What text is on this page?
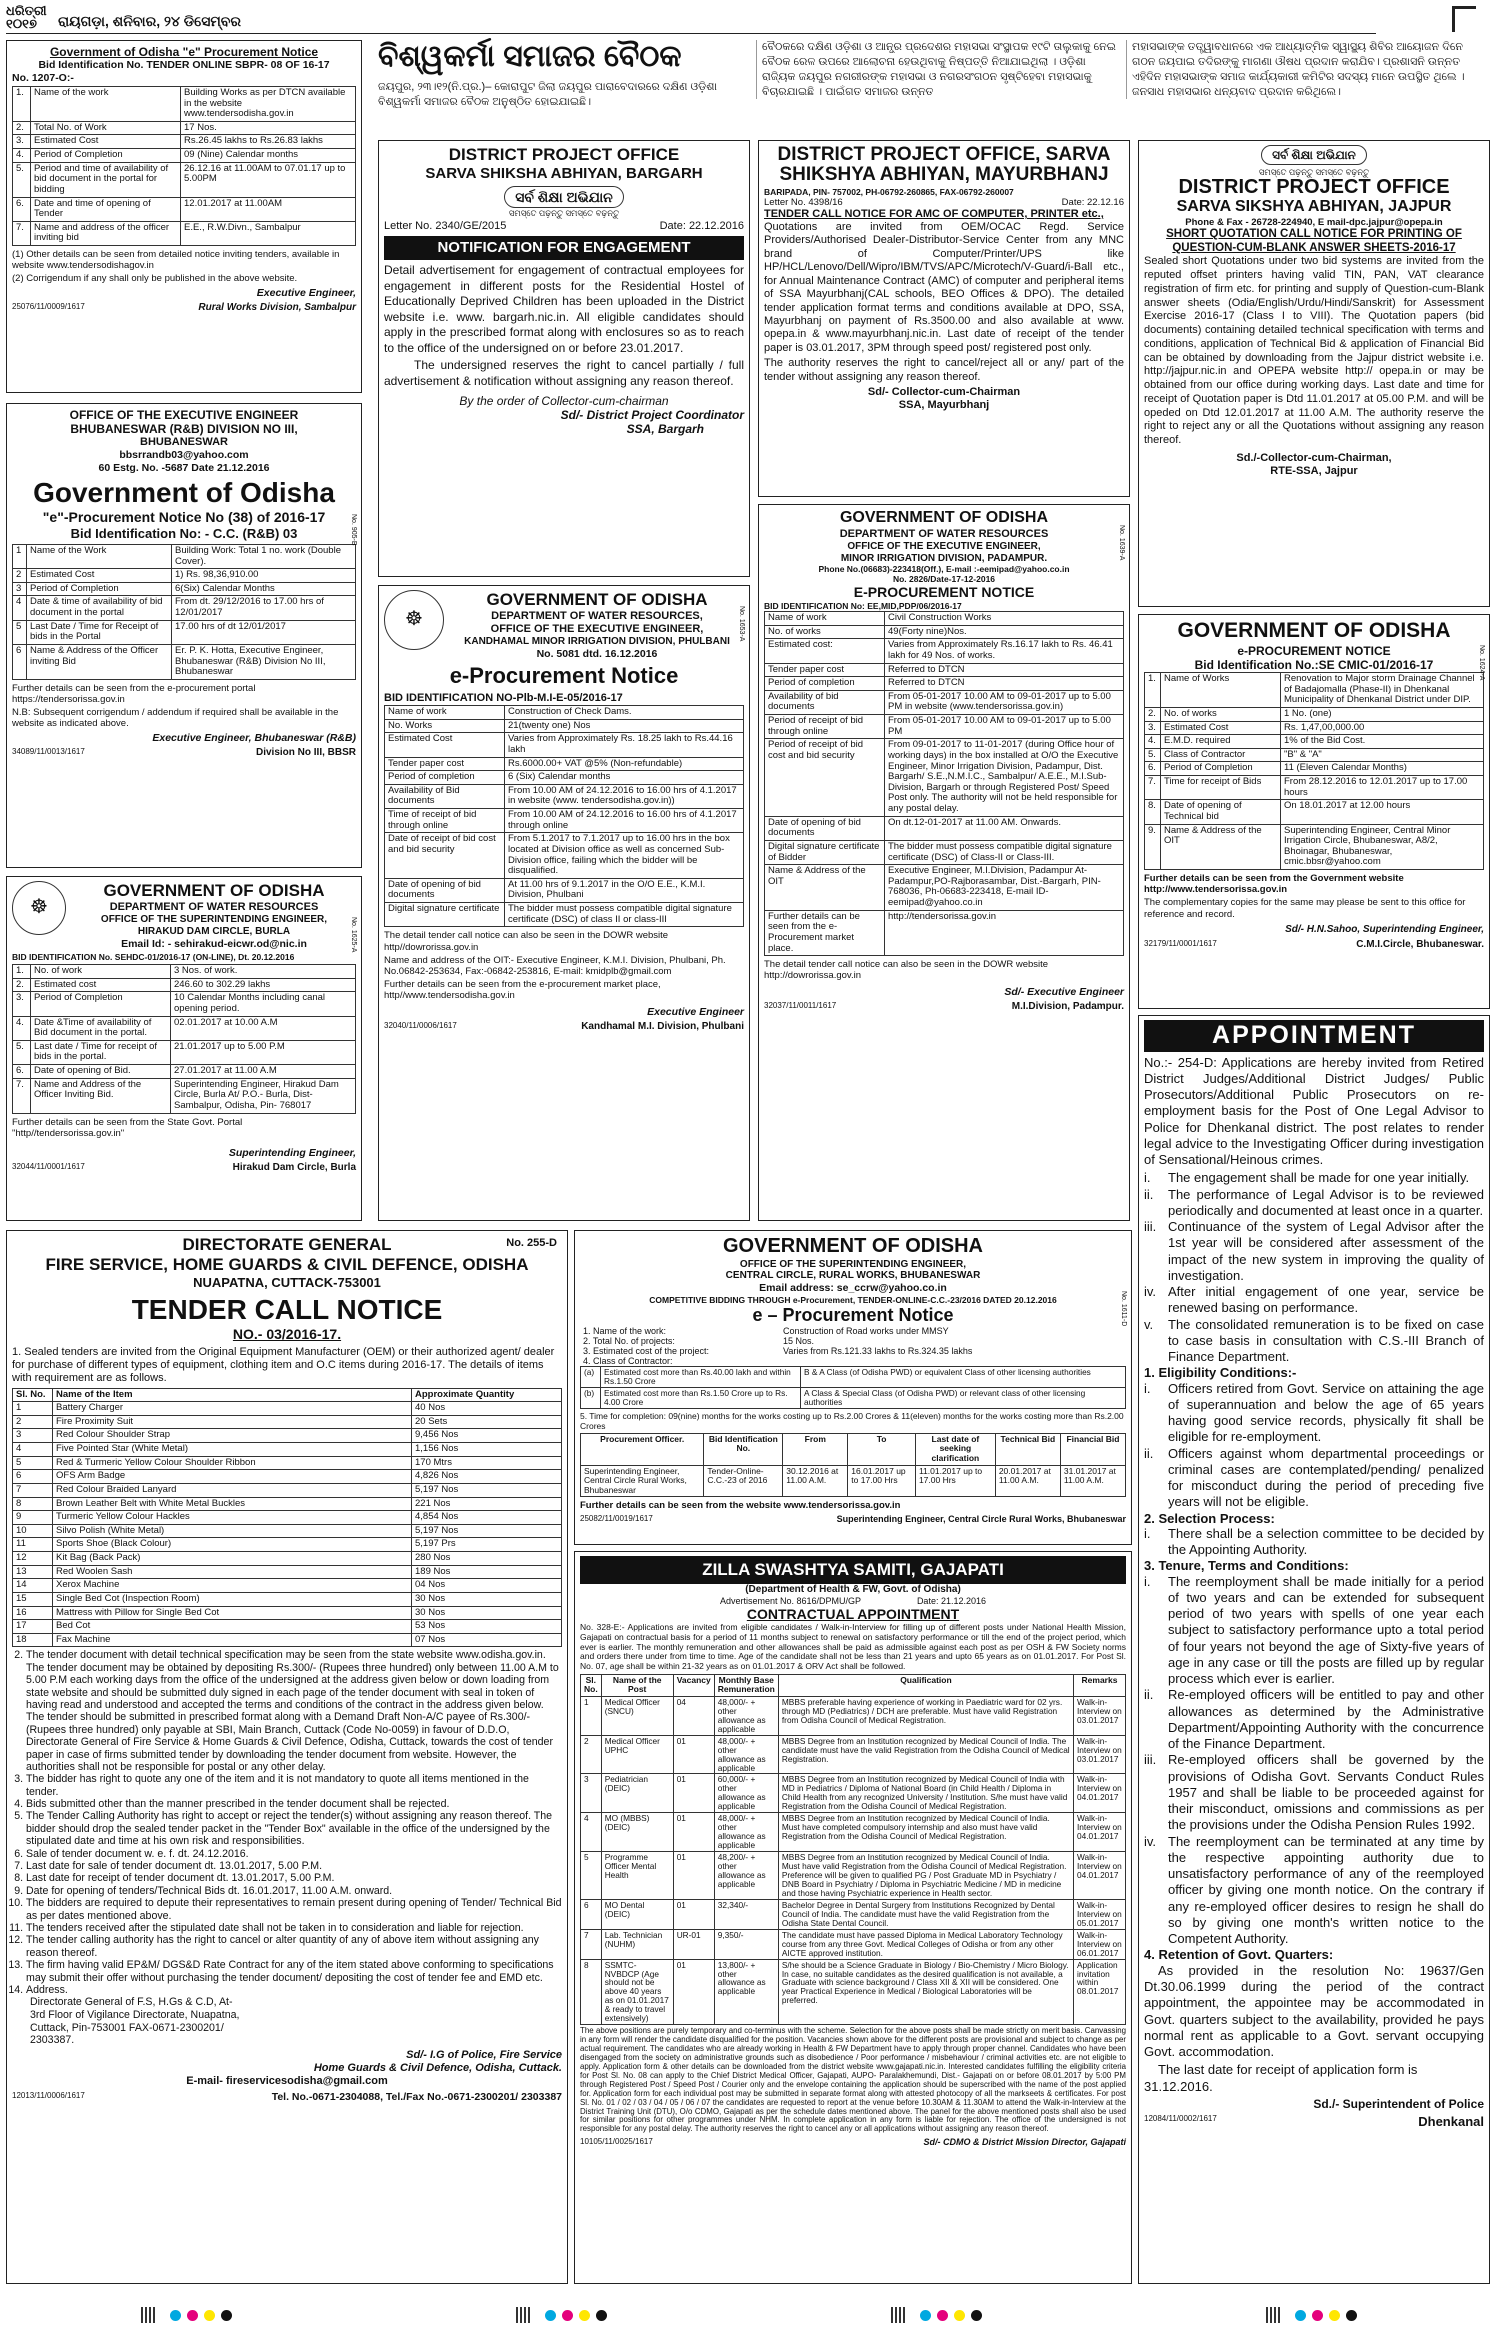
ଧରିତ୍ରୀ
୧୦୧୭	ରାୟଗଡ଼ା, ଶନିବାର, ୨୪ ଡିସେମ୍ବର
Government of Odisha "e" Procurement Notice
Bid Identification No. TENDER ONLINE SBPR- 08 OF 16-17
No. 1207-O:-
1.	Name of the work	Building Works as per DTCN available in the website www.tendersodisha.gov.in
2.	Total No. of Work	17 Nos.
3.	Estimated Cost	Rs.26.45 lakhs to Rs.26.83 lakhs
4.	Period of Completion	09 (Nine) Calendar months
5.	Period and time of availability of bid document in the portal for bidding	26.12.16 at 11.00AM to 07.01.17 up to 5.00PM
6.	Date and time of opening of Tender	12.01.2017 at 11.00AM
7.	Name and address of the officer inviting bid	E.E., R.W.Divn., Sambalpur

(1) Other details can be seen from detailed notice inviting tenders, available in website www.tendersodishagov.in

(2) Corrigendum if any shall only be published in the above website.

Executive Engineer,
25076/11/0009/1617	Rural Works Division, Sambalpur
No. 905-B
OFFICE OF THE EXECUTIVE ENGINEER
BHUBANESWAR (R&B) DIVISION NO III,
BHUBANESWAR
bbsrrandb03@yahoo.com
60 Estg. No. -5687 Date 21.12.2016
Government of Odisha
"e"-Procurement Notice No (38) of 2016-17
Bid Identification No: - C.C. (R&B) 03
1	Name of the Work	Building Work: Total 1 no. work (Double Cover).
2	Estimated Cost	1) Rs. 98,36,910.00
3	Period of Completion	6(Six) Calendar Months
4	Date & time of availability of bid document in the portal	From dt. 29/12/2016 to 17.00 hrs of 12/01/2017
5	Last Date / Time for Receipt of bids in the Portal	17.00 hrs of dt 12/01/2017
6	Name & Address of the Officer inviting Bid	Er. P. K. Hotta, Executive Engineer, Bhubaneswar (R&B) Division No III, Bhubaneswar

Further details can be seen from the e-procurement portal https://tendersorissa.gov.in

N.B: Subsequent corrigendum / addendum if required shall be available in the website as indicated above.

Executive Engineer, Bhubaneswar (R&B)
34089/11/0013/1617	Division No III, BBSR
No. 1625-A
☸
GOVERNMENT OF ODISHA
DEPARTMENT OF WATER RESOURCES
OFFICE OF THE SUPERINTENDING ENGINEER,
HIRAKUD DAM CIRCLE, BURLA
Email Id: - sehirakud-eicwr.od@nic.in
BID IDENTIFICATION No. SEHDC-01/2016-17 (ON-LINE), Dt. 20.12.2016
1.	No. of work	3 Nos. of work.
2.	Estimated cost	246.60 to 302.29 lakhs
3.	Period of Completion	10 Calendar Months including canal opening period.
4.	Date &Time of availability of Bid document in the portal.	02.01.2017 at 10.00 A.M
5.	Last date / Time for receipt of bids in the portal.	21.01.2017 up to 5.00 P.M
6.	Date of opening of Bid.	27.01.2017 at 11.00 A.M
7.	Name and Address of the Officer Inviting Bid.	Superintending Engineer, Hirakud Dam Circle, Burla At/ P.O.- Burla, Dist- Sambalpur, Odisha, Pin- 768017

Further details can be seen from the State Govt. Portal "http//tendersorissa.gov.in"

Superintending Engineer,
32044/11/0001/1617	Hirakud Dam Circle, Burla
ବିଶ୍ୱକର୍ମା ସମାଜର ବୈଠକ
ଜୟପୁର, ୨୩।୧୨(ନି.ପ୍ର.)– କୋରାପୁଟ ଜିଲା ଜୟପୁର ପାରାବେଦାରରେ ଦକ୍ଷିଣ ଓଡ଼ିଶା ବିଶ୍ୱକର୍ମା ସମାଜର ବୈଠକ ଅନୁଷ୍ଠିତ ହୋଇଯାଇଛି।
ବୈଠକରେ ଦକ୍ଷିଣ ଓଡ଼ିଶା ଓ ଆନ୍ଧ୍ର ପ୍ରଦେଶର ମହାସଭା ସଂସ୍ଥାପକ ୧୯ଟି ତାଲୁକାକୁ ନେଇ ବୈଠକ ରେଳ ଉପରେ ଆଲୋଚନା ହେଉଥିବାକୁ ନିଷ୍ପତ୍ତି ନିଆଯାଇଥିଲା । ଓଡ଼ିଶା ରାଜ୍ୟିକ ଜୟପୁର ନଗରୀରଙ୍କ ମହାସଭା ଓ ନଗରସଂଗଠନ ସୃଷ୍ଟିହେବା ମହାସଭାକୁ ବିଚାରଯାଇଛି । ପାଇଁଗତ ସମାଜର ଉନ୍ନତ
ମହାସଭାଙ୍କ ତତ୍ତ୍ୱାବଧାନରେ ଏକ ଆଧ୍ୟାତ୍ମିକ ସ୍ୱାସ୍ଥ୍ୟ ଶିବିର ଆୟୋଜନ ଦିନେ ଗଠନ ଜୟପାଇ ତଦିରଙ୍କୁ ମାଗଣା ଔଷଧ ପ୍ରଦାନ କରାଯିବ। ପ୍ରଶାସନି ଉନ୍ନତ ଏହିଦିନ ମହାସଭାଙ୍କ ସମାଜ କାର୍ଯ୍ୟକାରୀ କମିଟିର ସଦସ୍ୟ ମାନେ ଉପସ୍ଥିତ ଥିଲେ । ଜନସାଧ ମହାସଭାର ଧନ୍ୟବାଦ ପ୍ରଦାନ କରିଥିଲେ।
DISTRICT PROJECT OFFICE
SARVA SHIKSHA ABHIYAN, BARGARH
ସର୍ବ ଶିକ୍ଷା ଅଭିଯାନ
ସମସ୍ତେ ପଢ଼ନ୍ତୁ ସମସ୍ତେ ବଢ଼ନ୍ତୁ
Letter No. 2340/GE/2015	Date: 22.12.2016
NOTIFICATION FOR ENGAGEMENT

Detail advertisement for engagement of contractual employees for engagement in different posts for the Residential Hostel of Educationally Deprived Children has been uploaded in the District website i.e. www. bargarh.nic.in. All eligible candidates should apply in the prescribed format along with enclosures so as to reach to the office of the undersigned on or before 23.01.2017.

The undersigned reserves the right to cancel partially / full advertisement & notification without assigning any reason thereof.

By the order of Collector-cum-chairman
Sd/- District Project Coordinator
SSA, Bargarh
No. 1653-A
☸
GOVERNMENT OF ODISHA
DEPARTMENT OF WATER RESOURCES,
OFFICE OF THE EXECUTIVE ENGINEER,
KANDHAMAL MINOR IRRIGATION DIVISION, PHULBANI
No. 5081 dtd. 16.12.2016
e-Procurement Notice
BID IDENTIFICATION NO-Plb-M.I-E-05/2016-17
Name of work	Construction of Check Dams.
No. Works	21(twenty one) Nos
Estimated Cost	Varies from Approximately Rs. 18.25 lakh to Rs.44.16 lakh
Tender paper cost	Rs.6000.00+ VAT @5% (Non-refundable)
Period of completion	6 (Six) Calendar months
Availability of Bid documents	From 10.00 AM of 24.12.2016 to 16.00 hrs of 4.1.2017 in website (www. tendersodisha.gov.in))
Time of receipt of bid through online	From 10.00 AM of 24.12.2016 to 16.00 hrs of 4.1.2017 through online
Date of receipt of bid cost and bid security	From 5.1.2017 to 7.1.2017 up to 16.00 hrs in the box located at Division office as well as concerned Sub-Division office, failing which the bidder will be disqualified.
Date of opening of bid documents	At 11.00 hrs of 9.1.2017 in the O/O E.E., K.M.I. Division, Phulbani
Digital signature certificate	The bidder must possess compatible digital signature certificate (DSC) of class II or class-III

The detail tender call notice can also be seen in the DOWR website http//dowrorissa.gov.in

Name and address of the OIT:- Executive Engineer, K.M.I. Division, Phulbani, Ph. No.06842-253634, Fax:-06842-253816, E-mail: kmidplb@gmail.com

Further details can be seen from the e-procurement market place, http//www.tendersodisha.gov.in

Executive Engineer
32040/11/0006/1617	Kandhamal M.I. Division, Phulbani
DISTRICT PROJECT OFFICE, SARVA
SHIKSHYA ABHIYAN, MAYURBHANJ
BARIPADA, PIN- 757002, PH-06792-260865, FAX-06792-260007
Letter No. 4398/16	Date: 22.12.16
TENDER CALL NOTICE FOR AMC OF COMPUTER, PRINTER etc.,

Quotations are invited from OEM/OCAC Regd. Service Providers/Authorised Dealer-Distributor-Service Center from any MNC brand of Computer/Printer/UPS like HP/HCL/Lenovo/Dell/Wipro/IBM/TVS/APC/Microtech/V-Guard/i-Ball etc., for Annual Maintenance Contract (AMC) of computer and peripheral items of SSA Mayurbhanj(CAL schools, BEO Offices & DPO). The detailed tender application format terms and conditions available at DPO, SSA, Mayurbhanj on payment of Rs.3500.00 and also available at www. opepa.in & www.mayurbhanj.nic.in. Last date of receipt of the tender paper is 03.01.2017, 3PM through speed post/ registered post only.

The authority reserves the right to cancel/reject all or any/ part of the tender without assigning any reason thereof.

Sd/- Collector-cum-Chairman
SSA, Mayurbhanj
No. 1639-A
GOVERNMENT OF ODISHA
DEPARTMENT OF WATER RESOURCES
OFFICE OF THE EXECUTIVE ENGINEER,
MINOR IRRIGATION DIVISION, PADAMPUR.
Phone No.(06683)-223418(Off.), E-mail :-eemipad@yahoo.co.in
No. 2826/Date-17-12-2016
E-PROCUREMENT NOTICE
BID IDENTIFICATION No: EE,MID,PDP/06/2016-17
Name of work	Civil Construction Works
No. of works	49(Forty nine)Nos.
Estimated cost:	Varies from Approximately Rs.16.17 lakh to Rs. 46.41 lakh for 49 Nos. of works.
Tender paper cost	Referred to DTCN
Period of completion	Referred to DTCN
Availability of bid documents	From 05-01-2017 10.00 AM to 09-01-2017 up to 5.00 PM in website (www.tendersorissa.gov.in)
Period of receipt of bid through online	From 05-01-2017 10.00 AM to 09-01-2017 up to 5.00 PM
Period of receipt of bid cost and bid security	From 09-01-2017 to 11-01-2017 (during Office hour of working days) in the box installed at O/O the Executive Engineer, Minor Irrigation Division, Padampur, Dist. Bargarh/ S.E.,N.M.I.C., Sambalpur/ A.E.E., M.I.Sub-Division, Bargarh or through Registered Post/ Speed Post only. The authority will not be held responsible for any postal delay.
Date of opening of bid documents	On dt.12-01-2017 at 11.00 AM. Onwards.
Digital signature certificate of Bidder	The bidder must possess compatible digital signature certificate (DSC) of Class-II or Class-III.
Name & Address of the OIT	Executive Engineer, M.I.Division, Padampur At-Padampur,PO-Rajborasambar, Dist.-Bargarh, PIN-768036, Ph-06683-223418, E-mail ID-eemipad@yahoo.co.in
Further details can be seen from the e-Procurement market place.	http://tendersorissa.gov.in

The detail tender call notice can also be seen in the DOWR website http://dowrorissa.gov.in

Sd/- Executive Engineer
32037/11/0011/1617	M.I.Division, Padampur.
ସର୍ବ ଶିକ୍ଷା ଅଭିଯାନ
ସମସ୍ତେ ପଢ଼ନ୍ତୁ ସମସ୍ତେ ବଢ଼ନ୍ତୁ
DISTRICT PROJECT OFFICE
SARVA SIKSHYA ABHIYAN, JAJPUR
Phone & Fax - 26728-224940, E mail-dpc.jajpur@opepa.in
SHORT QUOTATION CALL NOTICE FOR PRINTING OF
QUESTION-CUM-BLANK ANSWER SHEETS-2016-17

Sealed short Quotations under two bid systems are invited from the reputed offset printers having valid TIN, PAN, VAT clearance registration of firm etc. for printing and supply of Question-cum-Blank answer sheets (Odia/English/Urdu/Hindi/Sanskrit) for Assessment Exercise 2016-17 (Class I to VIII). The Quotation papers (bid documents) containing detailed technical specification with terms and conditions, application of Technical Bid & application of Financial Bid can be obtained by downloading from the Jajpur district website i.e. http://jajpur.nic.in and OPEPA website http:// opepa.in or may be obtained from our office during working days. Last date and time for receipt of Quotation paper is Dtd 11.01.2017 at 05.00 P.M. and will be opeded on Dtd 12.01.2017 at 11.00 A.M. The authority reserve the right to reject any or all the Quotations without assigning any reason thereof.

Sd./-Collector-cum-Chairman,
RTE-SSA, Jajpur
No. 1624-A
GOVERNMENT OF ODISHA
e-PROCUREMENT NOTICE
Bid Identification No.:SE CMIC-01/2016-17
1.	Name of Works	Renovation to Major storm Drainage Channel of Badajomalla (Phase-II) in Dhenkanal Municipality of Dhenkanal District under DIP.
2.	No. of works	1 No. (one)
3.	Estimated Cost	Rs. 1,47,00,000.00
4.	E.M.D. required	1% of the Bid Cost.
5.	Class of Contractor	"B" & "A"
6.	Period of Completion	11 (Eleven Calendar Months)
7.	Time for receipt of Bids	From 28.12.2016 to 12.01.2017 up to 17.00 hours
8.	Date of opening of Technical bid	On 18.01.2017 at 12.00 hours
9.	Name & Address of the OIT	Superintending Engineer, Central Minor Irrigation Circle, Bhubaneswar, A8/2, Bhoinagar, Bhubaneswar, cmic.bbsr@yahoo.com

Further details can be seen from the Government website http://www.tendersorissa.gov.in

The complementary copies for the same may please be sent to this office for reference and record.

Sd/- H.N.Sahoo, Superintending Engineer,
32179/11/0001/1617	C.M.I.Circle, Bhubaneswar.
No. 255-D
DIRECTORATE GENERAL
FIRE SERVICE, HOME GUARDS & CIVIL DEFENCE, ODISHA
NUAPATNA, CUTTACK-753001
TENDER CALL NOTICE
NO.- 03/2016-17.

1. Sealed tenders are invited from the Original Equipment Manufacturer (OEM) or their authorized agent/ dealer for purchase of different types of equipment, clothing item and O.C items during 2016-17. The details of items with requirement are as follows.

Sl. No.	Name of the Item	Approximate Quantity
1	Battery Charger	40 Nos
2	Fire Proximity Suit	20 Sets
3	Red Colour Shoulder Strap	9,456 Nos
4	Five Pointed Star (White Metal)	1,156 Nos
5	Red & Turmeric Yellow Colour Shoulder Ribbon	170 Mtrs
6	OFS Arm Badge	4,826 Nos
7	Red Colour Braided Lanyard	5,197 Nos
8	Brown Leather Belt with White Metal Buckles	221 Nos
9	Turmeric Yellow Colour Hackles	4,854 Nos
10	Silvo Polish (White Metal)	5,197 Nos
11	Sports Shoe (Black Colour)	5,197 Prs
12	Kit Bag (Back Pack)	280 Nos
13	Red Woolen Sash	189 Nos
14	Xerox Machine	04 Nos
15	Single Bed Cot (Inspection Room)	30 Nos
16	Mattress with Pillow for Single Bed Cot	30 Nos
17	Bed Cot	53 Nos
18	Fax Machine	07 Nos
2. The tender document with detail technical specification may be seen from the state website www.odisha.gov.in. The tender document may be obtained by depositing Rs.300/- (Rupees three hundred) only between 11.00 A.M to 5.00 P.M each working days from the office of the undersigned at the address given below or down loading from state website and should be submitted duly signed in each page of the tender document with seal in token of having read and understood and accepted the terms and conditions of the contract in the address given below. The tender should be submitted in prescribed format along with a Demand Draft Non-A/C payee of Rs.300/- (Rupees three hundred) only payable at SBI, Main Branch, Cuttack (Code No-0059) in favour of D.D.O, Directorate General of Fire Service & Home Guards & Civil Defence, Odisha, Cuttack, towards the cost of tender paper in case of firms submitted tender by downloading the tender document from website. However, the authorities shall not be responsible for postal or any other delay.
3. The bidder has right to quote any one of the item and it is not mandatory to quote all items mentioned in the tender.
4. Bids submitted other than the manner prescribed in the tender document shall be rejected.
5. The Tender Calling Authority has right to accept or reject the tender(s) without assigning any reason thereof. The bidder should drop the sealed tender packet in the "Tender Box" available in the office of the undersigned by the stipulated date and time at his own risk and responsibilities.
6. Sale of tender document w. e. f. dt. 24.12.2016.
7. Last date for sale of tender document dt. 13.01.2017, 5.00 P.M.
8. Last date for receipt of tender document dt. 13.01.2017, 5.00 P.M.
9. Date for opening of tenders/Technical Bids dt. 16.01.2017, 11.00 A.M. onward.
10. The bidders are required to depute their representatives to remain present during opening of Tender/ Technical Bid as per dates mentioned above.
11. The tenders received after the stipulated date shall not be taken in to consideration and liable for rejection.
12. The tender calling authority has the right to cancel or alter quantity of any of above item without assigning any reason thereof.
13. The firm having valid EP&M/ DGS&D Rate Contract for any of the item stated above conforming to specifications may submit their offer without purchasing the tender document/ depositing the cost of tender fee and EMD etc.
14. Address.

Directorate General of F.S, H.Gs & C.D, At-3rd Floor of Vigilance Directorate, Nuapatna, Cuttack, Pin-753001 FAX-0671-2300201/ 2303387.

Sd/- I.G of Police, Fire Service
Home Guards & Civil Defence, Odisha, Cuttack.
E-mail- fireservicesodisha@gmail.com
12013/11/0006/1617	Tel. No.-0671-2304088, Tel./Fax No.-0671-2300201/ 2303387
No. 1611-D
GOVERNMENT OF ODISHA
OFFICE OF THE SUPERINTENDING ENGINEER,
CENTRAL CIRCLE, RURAL WORKS, BHUBANESWAR
Email address: se_ccrw@yahoo.co.in
COMPETITIVE BIDDING THROUGH e-Procurement, TENDER-ONLINE-C.C.-23/2016 DATED 20.12.2016
e – Procurement Notice
1. Name of the work:	Construction of Road works under MMSY
2. Total No. of projects:	15 Nos.
3. Estimated cost of the project:	Varies from Rs.121.33 lakhs to Rs.324.35 lakhs
4. Class of Contractor:	
(a)	Estimated cost more than Rs.40.00 lakh and within Rs.1.50 Crore	B & A Class (of Odisha PWD) or equivalent Class of other licensing authorities
(b)	Estimated cost more than Rs.1.50 Crore up to Rs. 4.00 Crore	A Class & Special Class (of Odisha PWD) or relevant class of other licensing authorities

5. Time for completion: 09(nine) months for the works costing up to Rs.2.00 Crores & 11(eleven) months for the works costing more than Rs.2.00 Crores

Procurement Officer.	Bid Identification No.	From	To	Last date of seeking clarification	Technical Bid	Financial Bid
Superintending Engineer, Central Circle Rural Works, Bhubaneswar	Tender-Online-C.C.-23 of 2016	30.12.2016 at 11.00 A.M.	16.01.2017 up to 17.00 Hrs	11.01.2017 up to 17.00 Hrs	20.01.2017 at 11.00 A.M.	31.01.2017 at 11.00 A.M.

Further details can be seen from the website www.tendersorissa.gov.in

25082/11/0019/1617	Superintending Engineer, Central Circle Rural Works, Bhubaneswar
ZILLA SWASHTYA SAMITI, GAJAPATI
(Department of Health & FW, Govt. of Odisha)
Advertisement No. 8616/DPMU/GP	Date: 21.12.2016
CONTRACTUAL APPOINTMENT

No. 328-E:- Applications are invited from eligible candidates / Walk-in-Interview for filling up of different posts under National Health Mission, Gajapati on contractual basis for a period of 11 months subject to renewal on satisfactory performance or till the end of the project period, which ever is earlier. The monthly remuneration and other allowances shall be paid as admissible against each post as per OSH & FW Society norms and orders there under from time to time. Age of the candidate shall not be less than 21 years and upto 65 years as on 01.01.2017. For Post Sl. No. 07, age shall be within 21-32 years as on 01.01.2017 & ORV Act shall be followed.

Sl. No.	Name of the Post	Vacancy	Monthly Base Remuneration	Qualification	Remarks
1	Medical Officer (SNCU)	04	48,000/- + other allowance as applicable	MBBS preferable having experience of working in Paediatric ward for 02 yrs. through MD (Pediatrics) / DCH are preferable. Must have valid Registration from Odisha Council of Medical Registration.	Walk-in-Interview on 03.01.2017
2	Medical Officer UPHC	01	48,000/- + other allowance as applicable	MBBS Degree from an Institution recognized by Medical Council of India. The candidate must have the valid Registration from the Odisha Council of Medical Registration.	Walk-in-Interview on 03.01.2017
3	Pediatrician (DEIC)	01	60,000/- + other allowance as applicable	MBBS Degree from an Institution recognized by Medical Council of India with MD in Pediatrics / Diploma of National Board (in Child Health / Diploma in Child Health from any recognized University / Institution. S/he must have valid Registration from the Odisha Council of Medical Registration.	Walk-in-Interview on 04.01.2017
4	MO (MBBS) (DEIC)	01	48,000/- + other allowance as applicable	MBBS Degree from an Institution recognized by Medical Council of India. Must have completed compulsory internship and also must have valid Registration from the Odisha Council of Medical Registration.	Walk-in-Interview on 04.01.2017
5	Programme Officer Mental Health	01	48,200/- + other allowance as applicable	MBBS Degree from an Institution recognized by Medical Council of India. Must have valid Registration from the Odisha Council of Medical Registration. Preference will be given to qualified PG / Post Graduate MD in Psychiatry / DNB Board in Psychiatry / Diploma in Psychiatric Medicine / MD in medicine and those having Psychiatric experience in Health sector.	Walk-in-Interview on 04.01.2017
6	MO Dental (DEIC)	01	32,340/-	Bachelor Degree in Dental Surgery from Institutions Recognized by Dental Council of India. The candidate must have the valid Registration from the Odisha State Dental Council.	Walk-in-Interview on 05.01.2017
7	Lab. Technician (NUHM)	UR-01	9,350/-	The candidate must have passed Diploma in Medical Laboratory Technology course from any three Govt. Medical Colleges of Odisha or from any other AICTE approved institution.	Walk-in-Interview on 06.01.2017
8	SSMTC-NVBDCP (Age should not be above 40 years as on 01.01.2017 & ready to travel extensively)	01	13,800/- + other allowance as applicable	S/he should be a Science Graduate in Biology / Bio-Chemistry / Micro Biology. In case, no suitable candidates as the desired qualification is not available, a Graduate with science background / Class XII & XII will be considered. One year Practical Experience in Medical / Biological Laboratories will be preferred.	Application invitation within 08.01.2017

The above positions are purely temporary and co-terminus with the scheme. Selection for the above posts shall be made strictly on merit basis. Canvassing in any form will render the candidate disqualified for the position. Vacancies shown above for the different posts are provisional and subject to change as per actual requirement. The candidates who are already working in Health & FW Department have to apply through proper channel. Candidates who have been disengaged from the society on administrative grounds such as disobedience / Poor performance / misbehaviour / criminal activities etc. are not eligible to apply. Application form & other details can be downloaded from the district website www.gajapati.nic.in. Interested candidates fulfilling the eligibility criteria for Post Sl. No. 08 can apply to the Chief District Medical Officer, Gajapati, AUPO- Paralakhemundi, Dist.- Gajapati on or before 08.01.2017 by 5:00 PM through Registered Post / Speed Post / Courier only and the envelope containing the application should be superscribed with the name of the post applied for. Application form for each individual post may be submitted in separate format along with attested photocopy of all the markseets & certificates. For post Sl. No. 01 / 02 / 03 / 04 / 05 / 06 / 07 the candidates are requested to report at the venue before 10.30AM & 11.30AM to attend the Walk-in-Interview at the District Training Unit (DTU), O/o CDMO, Gajapati as per the schedule dates mentioned above. The panel for the above mentioned posts shall also be used for similar positions for other programmes under NHM. In complete application in any form is liable for rejection. The office of the undersigned is not responsible for any postal delay. The authority reserves the right to cancel any or all applications without assigning any reason thereof.

10105/11/0025/1617	Sd/- CDMO & District Mission Director, Gajapati
APPOINTMENT

No.:- 254-D: Applications are hereby invited from Retired District Judges/Additional District Judges/ Public Prosecutors/Additional Public Prosecutors on re-employment basis for the Post of One Legal Advisor to Police for Dhenkanal district. The post relates to render legal advice to the Investigating Officer during investigation of Sensational/Heinous crimes.

i.	The engagement shall be made for one year initially.
ii.	The performance of Legal Advisor is to be reviewed periodically and documented at least once in a quarter.
iii. Continuance of the system of Legal Advisor after the 1st year will be considered after assessment of the impact of the new system in improving the quality of investigation.
iv. After initial engagement of one year, service be renewed basing on performance.
v.	The consolidated remuneration is to be fixed on case to case basis in consultation with C.S.-III Branch of Finance Department.
1. Eligibility Conditions:-
i.	Officers retired from Govt. Service on attaining the age of superannuation and below the age of 65 years having good service records, physically fit shall be eligible for re-employment.
ii.	Officers against whom departmental proceedings or criminal cases are contemplated/pending/ penalized for misconduct during the period of preceding five years will not be eligible.
2. Selection Process:
i.	There shall be a selection committee to be decided by the Appointing Authority.
3. Tenure, Terms and Conditions:
i.	The reemployment shall be made initially for a period of two years and can be extended for subsequent period of two years with spells of one year each subject to satisfactory performance upto a total period of four years not beyond the age of Sixty-five years of age in any case or till the posts are filled up by regular process which ever is earlier.
ii.	Re-employed officers will be entitled to pay and other allowances as determined by the Administrative Department/Appointing Authority with the concurrence of the Finance Department.
iii. Re-employed officers shall be governed by the provisions of Odisha Govt. Servants Conduct Rules 1957 and shall be liable to be proceeded against for their misconduct, omissions and commissions as per the provisions under the Odisha Pension Rules 1992.
iv. The reemployment can be terminated at any time by the respective appointing authority due to unsatisfactory performance of any of the reemployed officer by giving one month notice. On the contrary if any re-employed officer desires to resign he shall do so by giving one month's written notice to the Competent Authority.
4. Retention of Govt. Quarters:

As provided in the resolution No: 19637/Gen Dt.30.06.1999 during the period of the contract appointment, the appointee may be accommodated in Govt. quarters subject to the availability, provided he pays normal rent as applicable to a Govt. servant occupying Govt. accommodation.

The last date for receipt of application form is 31.12.2016.

Sd./- Superintendent of Police
12084/11/0002/1617	Dhenkanal
